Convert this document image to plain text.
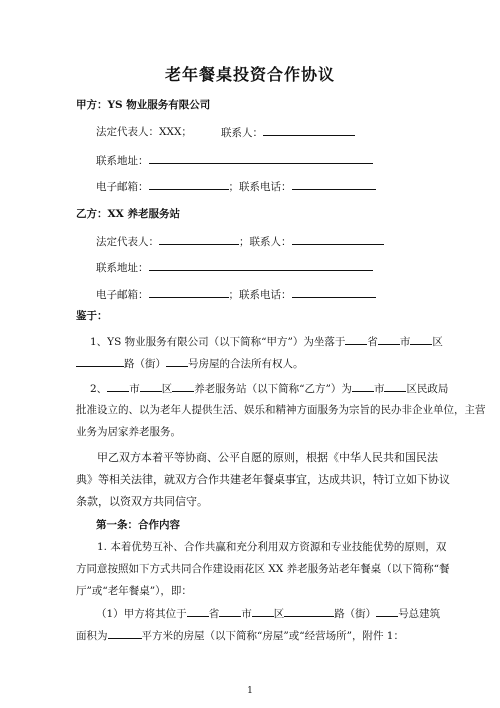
老年餐桌投资合作协议
甲方：YS 物业服务有限公司
法定代表人：XXX；	联系人：
联系地址：
电子邮箱：	；联系电话：
乙方：XX 养老服务站
法定代表人：	；联系人：
联系地址：
电子邮箱：	；联系电话：
鉴于：
1、YS 物业服务有限公司（以下简称“甲方”）为坐落于 省 市 区
路（街） 号房屋的合法所有权人。
2、 市 区 养老服务站（以下简称“乙方”）为 市 区民政局
批准设立的、以为老年人提供生活、娱乐和精神方面服务为宗旨的民办非企业单位，主营
业务为居家养老服务。
甲乙双方本着平等协商、公平自愿的原则，根据《中华人民共和国民法典》等相关法律，就双方合作共建老年餐桌事宜，达成共识，特订立如下协议条款，以资双方共同信守。
第一条：合作内容
1. 本着优势互补、合作共赢和充分利用双方资源和专业技能优势的原则，双方同意按照如下方式共同合作建设雨花区 XX 养老服务站老年餐桌（以下简称“餐厅”或“老年餐桌”），即：
（1）甲方将其位于 省 市 区	路（街） 号总建筑
面积为	平方米的房屋（以下简称“房屋”或“经营场所”，附件 1：
1
